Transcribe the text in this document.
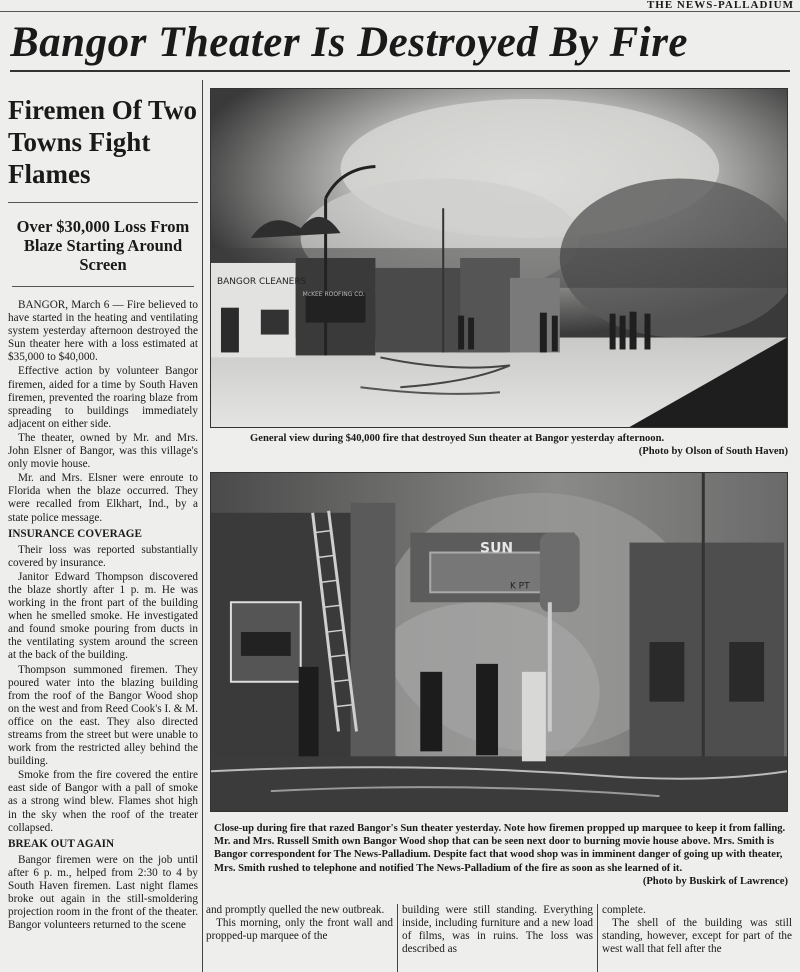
THE NEWS-PALLADIUM
Bangor Theater Is Destroyed By Fire
Firemen Of Two Towns Fight Flames
Over $30,000 Loss From Blaze Starting Around Screen

BANGOR, March 6 — Fire believed to have started in the heating and ventilating system yesterday afternoon destroyed the Sun theater here with a loss estimated at $35,000 to $40,000.

Effective action by volunteer Bangor firemen, aided for a time by South Haven firemen, prevented the roaring blaze from spreading to buildings immediately adjacent on either side.

The theater, owned by Mr. and Mrs. John Elsner of Bangor, was this village's only movie house.

Mr. and Mrs. Elsner were enroute to Florida when the blaze occurred. They were recalled from Elkhart, Ind., by a state police message.

INSURANCE COVERAGE

Their loss was reported substantially covered by insurance.

Janitor Edward Thompson discovered the blaze shortly after 1 p. m. He was working in the front part of the building when he smelled smoke. He investigated and found smoke pouring from ducts in the ventilating system around the screen at the back of the building.

Thompson summoned firemen. They poured water into the blazing building from the roof of the Bangor Wood shop on the west and from Reed Cook's I. & M. office on the east. They also directed streams from the street but were unable to work from the restricted alley behind the building.

Smoke from the fire covered the entire east side of Bangor with a pall of smoke as a strong wind blew. Flames shot high in the sky when the roof of the treater collapsed.

BREAK OUT AGAIN

Bangor firemen were on the job until after 6 p. m., helped from 2:30 to 4 by South Haven firemen. Last night flames broke out again in the still-smoldering projection room in the front of the theater. Bangor volunteers returned to the scene

BANGOR CLEANERS
McKEE ROOFING CO.
General view during $40,000 fire that destroyed Sun theater at Bangor yesterday afternoon.
(Photo by Olson of South Haven)
SUN
K PT
Close-up during fire that razed Bangor's Sun theater yesterday. Note how firemen propped up marquee to keep it from falling. Mr. and Mrs. Russell Smith own Bangor Wood shop that can be seen next door to burning movie house above. Mrs. Smith is Bangor correspondent for The News-Palladium. Despite fact that wood shop was in imminent danger of going up with theater, Mrs. Smith rushed to telephone and notified The News-Palladium of the fire as soon as she learned of it.
(Photo by Buskirk of Lawrence)

and promptly quelled the new outbreak.

This morning, only the front wall and propped-up marquee of the

building were still standing. Everything inside, including furniture and a new load of films, was in ruins. The loss was described as

complete.

The shell of the building was still standing, however, except for part of the west wall that fell after the
